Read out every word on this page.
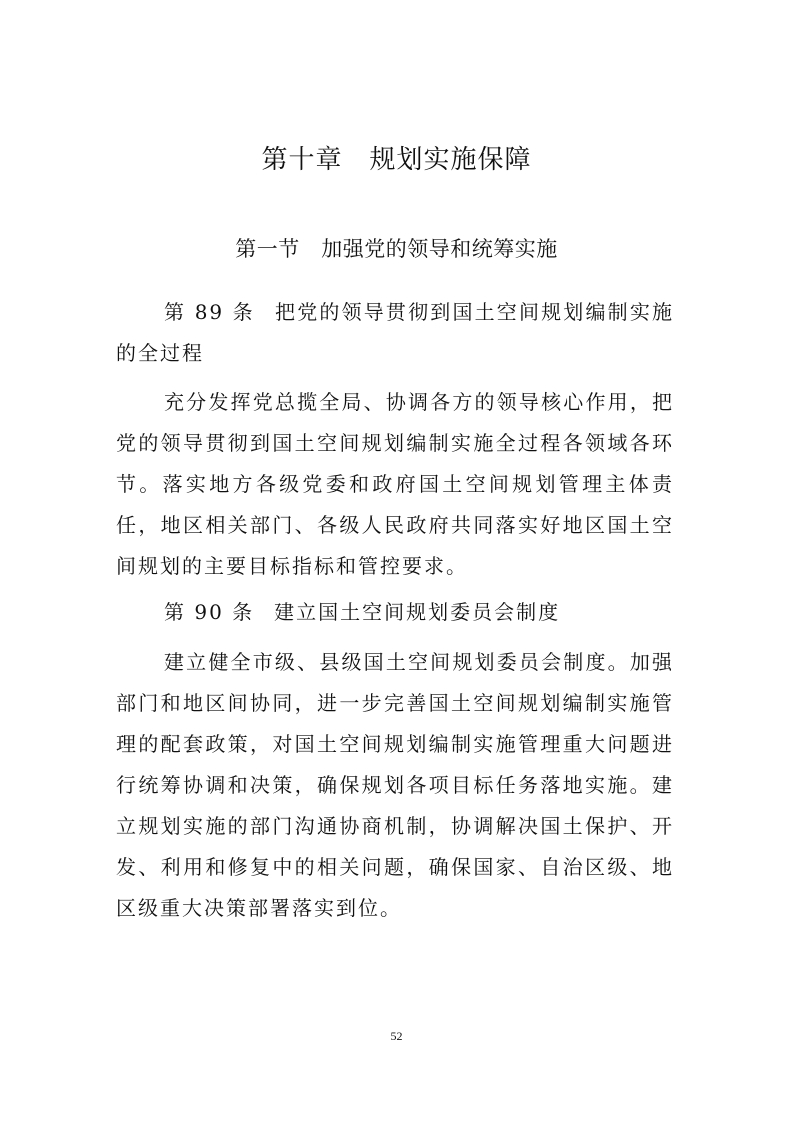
第十章　规划实施保障
第一节　加强党的领导和统筹实施

第 89 条 把党的领导贯彻到国土空间规划编制实施的全过程

充分发挥党总揽全局、协调各方的领导核心作用，把党的领导贯彻到国土空间规划编制实施全过程各领域各环节。落实地方各级党委和政府国土空间规划管理主体责任，地区相关部门、各级人民政府共同落实好地区国土空间规划的主要目标指标和管控要求。

第 90 条 建立国土空间规划委员会制度

建立健全市级、县级国土空间规划委员会制度。加强部门和地区间协同，进一步完善国土空间规划编制实施管理的配套政策，对国土空间规划编制实施管理重大问题进行统筹协调和决策，确保规划各项目标任务落地实施。建立规划实施的部门沟通协商机制，协调解决国土保护、开发、利用和修复中的相关问题，确保国家、自治区级、地区级重大决策部署落实到位。

52
